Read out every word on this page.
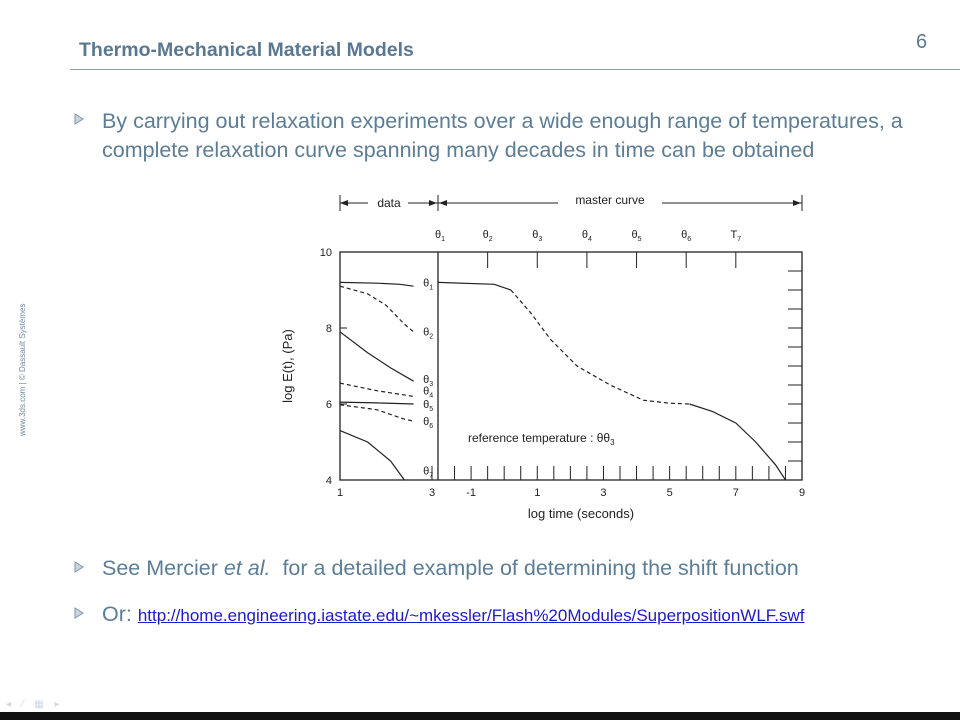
Thermo-Mechanical Material Models	6
www.3ds.com | © Dassault Systèmes
By carrying out relaxation experiments over a wide enough range of temperatures, a complete relaxation curve spanning many decades in time can be obtained
10
8
6
4
1	3	-1	1	3	5	7	9
$\theta_1$	$\theta_2$	$\theta_3$	$\theta_4$	$\theta_5$	$\theta_6$	$T_7$
log E(t), (Pa)
log time (seconds)
data	master curve
$\theta_1$
$\theta_2$
$\theta_3$
$\theta_4$
$\theta_5$
$\theta_6$
$\theta_7$
reference temperature : $\theta\theta_3$
See Mercier et al.  for a detailed example of determining the shift function
Or: http://home.engineering.iastate.edu/~mkessler/Flash%20Modules/SuperpositionWLF.swf
◂ ⁄ ▦ ▸
